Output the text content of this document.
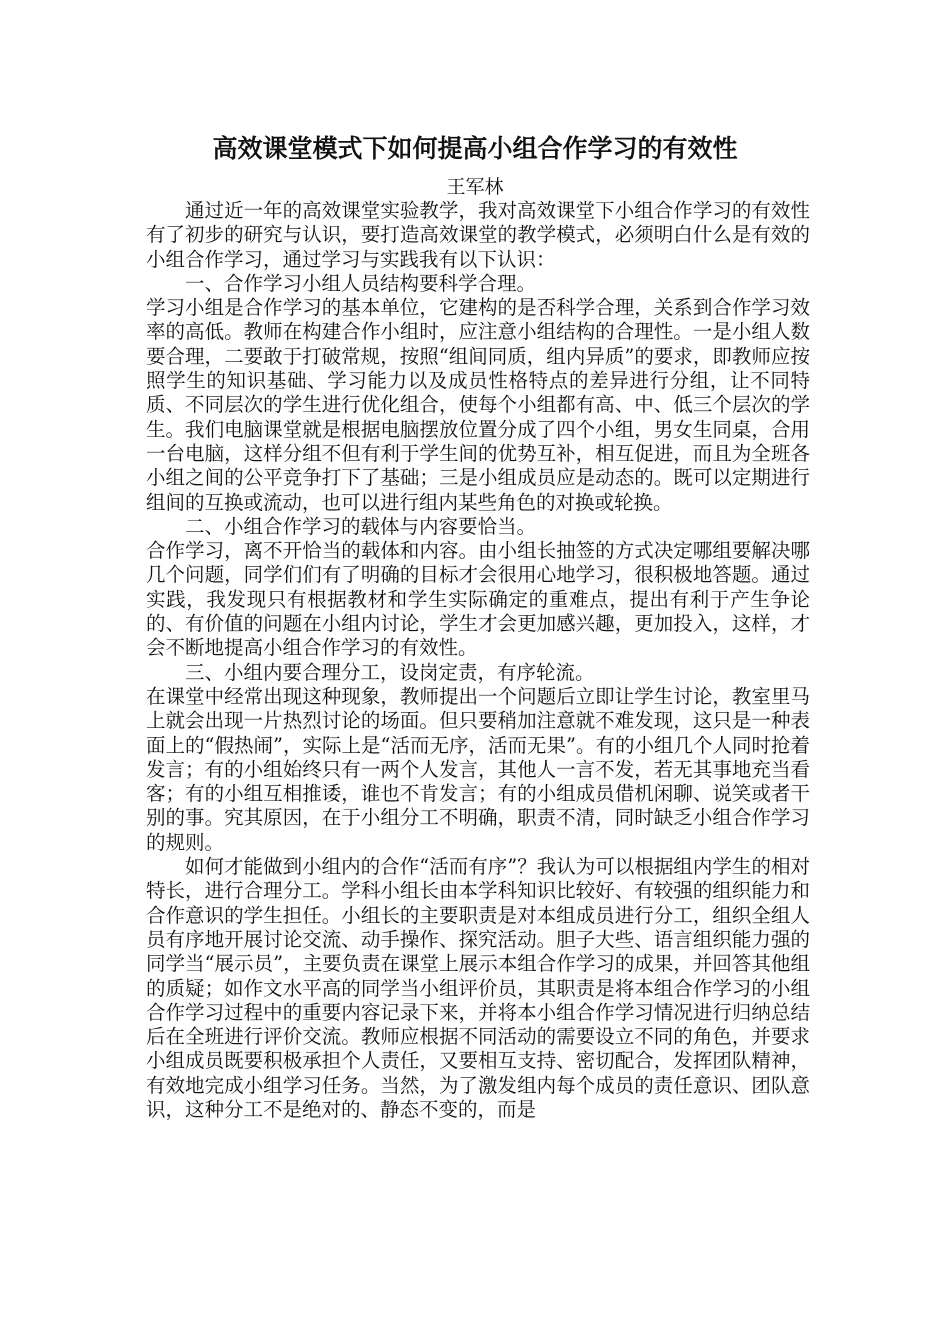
高效课堂模式下如何提高小组合作学习的有效性
王军林

通过近一年的高效课堂实验教学，我对高效课堂下小组合作学习的有效性有了初步的研究与认识，要打造高效课堂的教学模式，必须明白什么是有效的小组合作学习，通过学习与实践我有以下认识：

一、合作学习小组人员结构要科学合理。

学习小组是合作学习的基本单位，它建构的是否科学合理，关系到合作学习效率的高低。教师在构建合作小组时，应注意小组结构的合理性。一是小组人数要合理，二要敢于打破常规，按照“组间同质，组内异质”的要求，即教师应按照学生的知识基础、学习能力以及成员性格特点的差异进行分组，让不同特质、不同层次的学生进行优化组合，使每个小组都有高、中、低三个层次的学生。我们电脑课堂就是根据电脑摆放位置分成了四个小组，男女生同桌，合用一台电脑，这样分组不但有利于学生间的优势互补，相互促进，而且为全班各小组之间的公平竞争打下了基础；三是小组成员应是动态的。既可以定期进行组间的互换或流动，也可以进行组内某些角色的对换或轮换。

二、小组合作学习的载体与内容要恰当。

合作学习，离不开恰当的载体和内容。由小组长抽签的方式决定哪组要解决哪几个问题，同学们们有了明确的目标才会很用心地学习，很积极地答题。通过实践，我发现只有根据教材和学生实际确定的重难点，提出有利于产生争论的、有价值的问题在小组内讨论，学生才会更加感兴趣，更加投入，这样，才会不断地提高小组合作学习的有效性。

三、小组内要合理分工，设岗定责，有序轮流。

在课堂中经常出现这种现象，教师提出一个问题后立即让学生讨论，教室里马上就会出现一片热烈讨论的场面。但只要稍加注意就不难发现，这只是一种表面上的“假热闹”，实际上是“活而无序，活而无果”。有的小组几个人同时抢着发言；有的小组始终只有一两个人发言，其他人一言不发，若无其事地充当看客；有的小组互相推诿，谁也不肯发言；有的小组成员借机闲聊、说笑或者干别的事。究其原因，在于小组分工不明确，职责不清，同时缺乏小组合作学习的规则。

如何才能做到小组内的合作“活而有序”？我认为可以根据组内学生的相对特长，进行合理分工。学科小组长由本学科知识比较好、有较强的组织能力和合作意识的学生担任。小组长的主要职责是对本组成员进行分工，组织全组人员有序地开展讨论交流、动手操作、探究活动。胆子大些、语言组织能力强的同学当“展示员”，主要负责在课堂上展示本组合作学习的成果，并回答其他组的质疑；如作文水平高的同学当小组评价员，其职责是将本组合作学习的小组合作学习过程中的重要内容记录下来，并将本小组合作学习情况进行归纳总结后在全班进行评价交流。教师应根据不同活动的需要设立不同的角色，并要求小组成员既要积极承担个人责任，又要相互支持、密切配合，发挥团队精神，有效地完成小组学习任务。当然，为了激发组内每个成员的责任意识、团队意识，这种分工不是绝对的、静态不变的，而是
